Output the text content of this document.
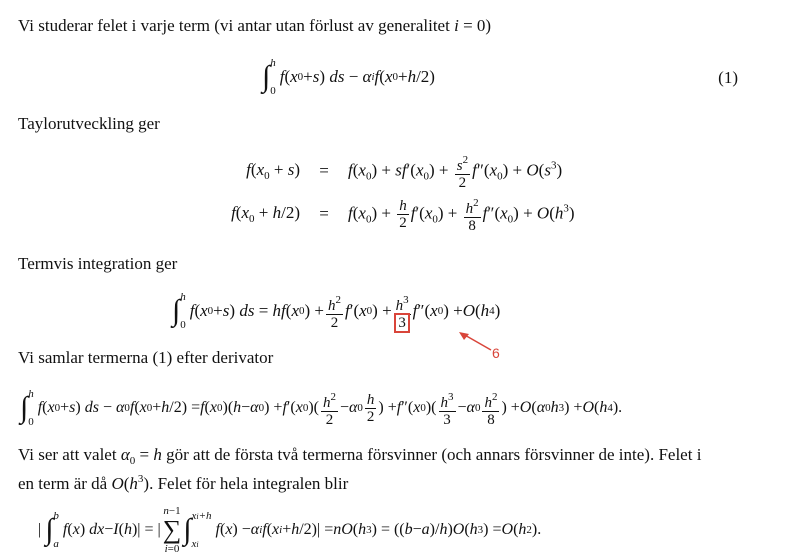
Vi studerar felet i varje term (vi antar utan förlust av generalitet i = 0)
∫ h
0
f ( x 0 + s ) ds − α i f ( x 0 + h /2)	(1)
Taylorutveckling ger
$f(x_0 + s)$	=	$f(x_0) + sf'(x_0) + \frac{s^2}{2} f''(x_0) + O(s^3)$
$f(x_0 + h/2)$	=	$f(x_0) + \frac{h}{2} f'(x_0) + \frac{h^2}{8} f''(x_0) + O(h^3)$
Termvis integration ger
∫ h
0
f ( x 0 + s ) ds = hf ( x 0 ) + $\frac{h^2}{2}$ f ′( x 0 ) + $\frac{h^3}{3}$ f ″( x 0 ) + O ( h 4 )
6
Vi samlar termerna (1) efter derivator
∫ h
0
f ( x 0 + s ) ds − α 0 f ( x 0 + h /2) = f ( x 0 )( h − α 0 ) + f ′( x 0 )( $\frac{h^2}{2} - \alpha$ $0 \frac{h}{2}$ ) + f ″( x 0 )( $\frac{h^3}{3} - \alpha$ $0 \frac{h^2}{8}$ ) + O ( α 0 h 3 ) + O ( h 4 ).
Vi ser att valet $\alpha_0 = h$ gör att de första två termerna försvinner (och annars försvinner de inte). Felet i
en term är då $O(h^3)$. Felet för hela integralen blir
| ∫ b
a
f ( x ) dx − I ( h )| = |
n−1
∑
i=0
∫ xi+h
xi
f ( x ) − α i f ( x i + h /2)| = nO ( h 3 ) = (( b − a )/ h ) O ( h 3 ) = O ( h 2 ).
